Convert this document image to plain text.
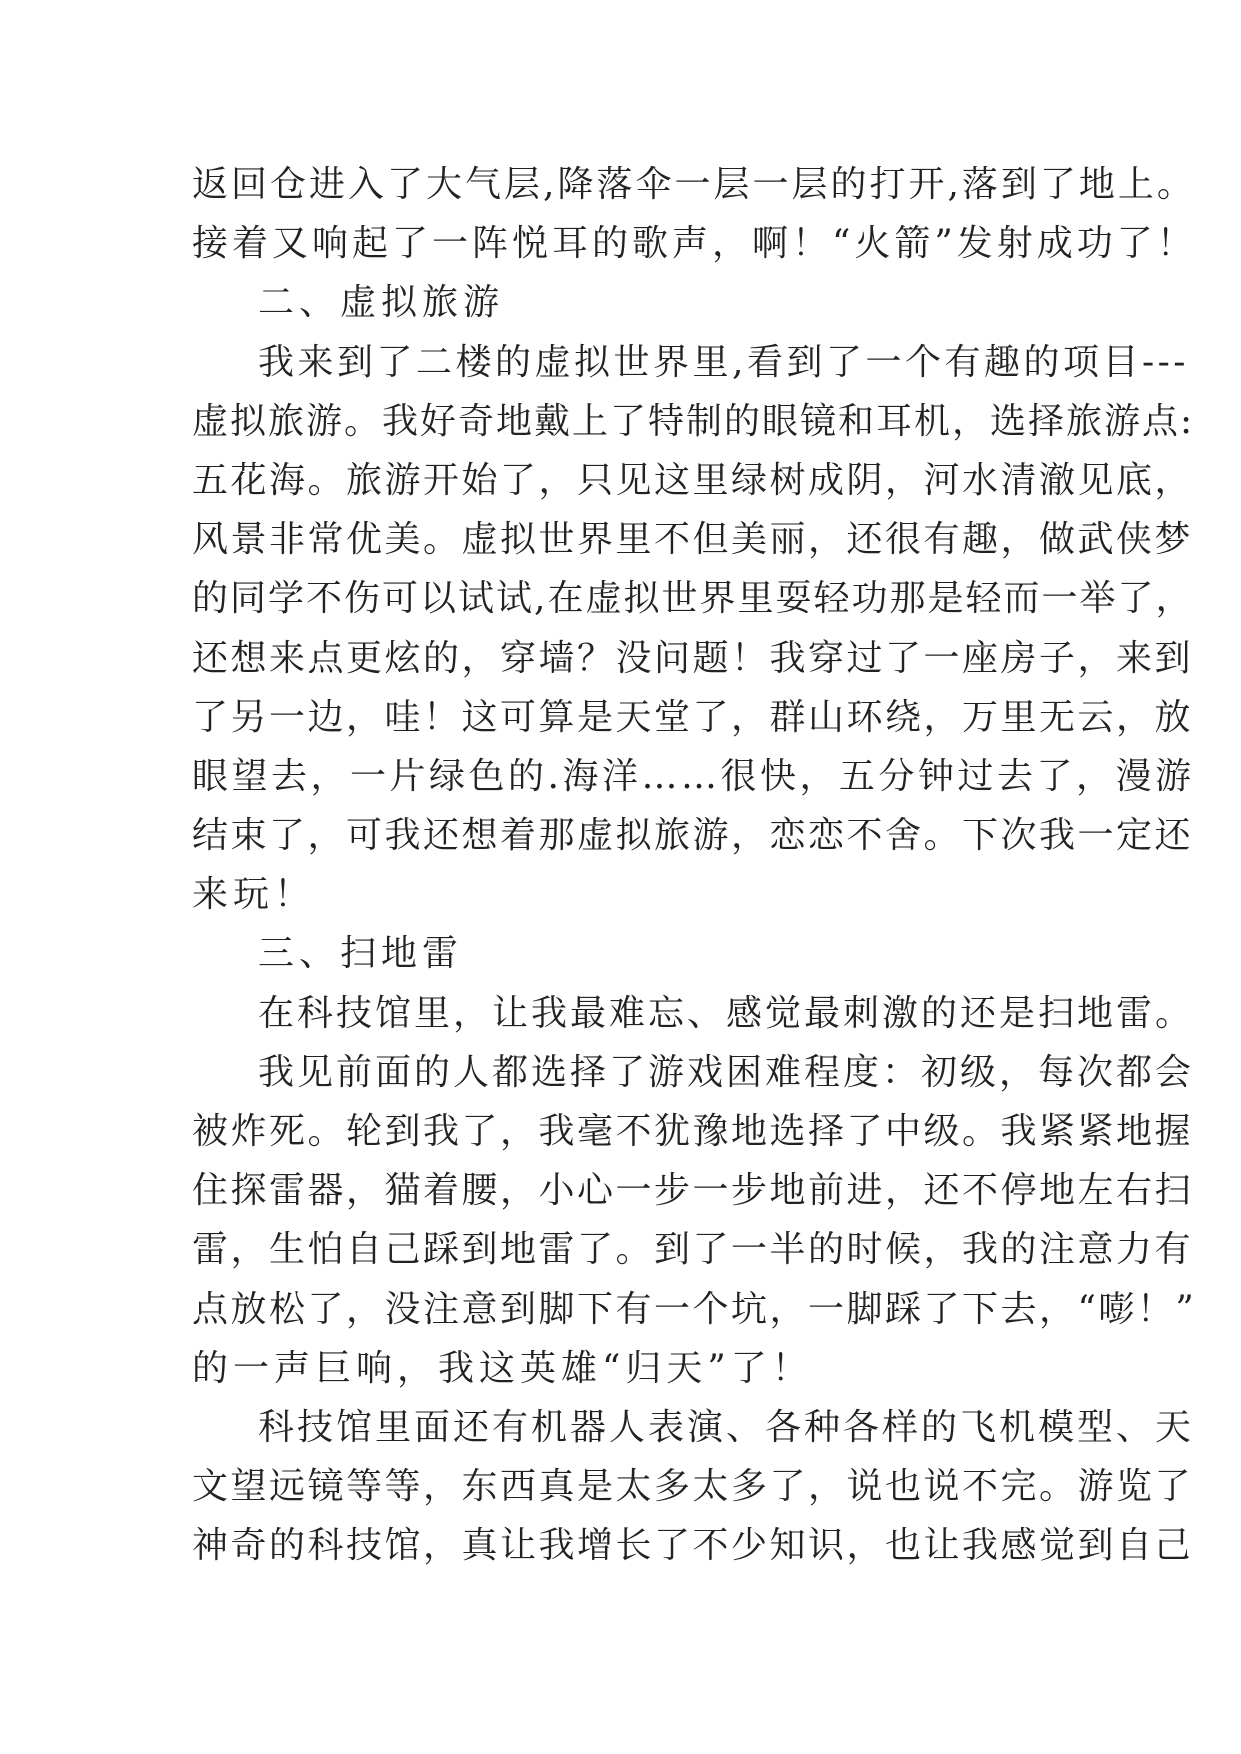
返回仓进入了大气层,降落伞一层一层的打开,落到了地上。
接着又响起了一阵悦耳的歌声，啊！“火箭”发射成功了！
二、虚拟旅游
我来到了二楼的虚拟世界里,看到了一个有趣的项目---
虚拟旅游。我好奇地戴上了特制的眼镜和耳机，选择旅游点:
五花海。旅游开始了，只见这里绿树成阴，河水清澈见底，
风景非常优美。虚拟世界里不但美丽，还很有趣，做武侠梦
的同学不伤可以试试,在虚拟世界里耍轻功那是轻而一举了，
还想来点更炫的，穿墙？没问题！我穿过了一座房子，来到
了另一边，哇！这可算是天堂了，群山环绕，万里无云，放
眼望去，一片绿色的.海洋……很快，五分钟过去了，漫游
结束了，可我还想着那虚拟旅游，恋恋不舍。下次我一定还
来玩！
三、扫地雷
在科技馆里，让我最难忘、感觉最刺激的还是扫地雷。
我见前面的人都选择了游戏困难程度：初级，每次都会
被炸死。轮到我了，我毫不犹豫地选择了中级。我紧紧地握
住探雷器，猫着腰，小心一步一步地前进，还不停地左右扫
雷，生怕自己踩到地雷了。到了一半的时候，我的注意力有
点放松了，没注意到脚下有一个坑，一脚踩了下去，“嘭！”
的一声巨响，我这英雄“归天”了！
科技馆里面还有机器人表演、各种各样的飞机模型、天
文望远镜等等，东西真是太多太多了，说也说不完。游览了
神奇的科技馆，真让我增长了不少知识，也让我感觉到自己
